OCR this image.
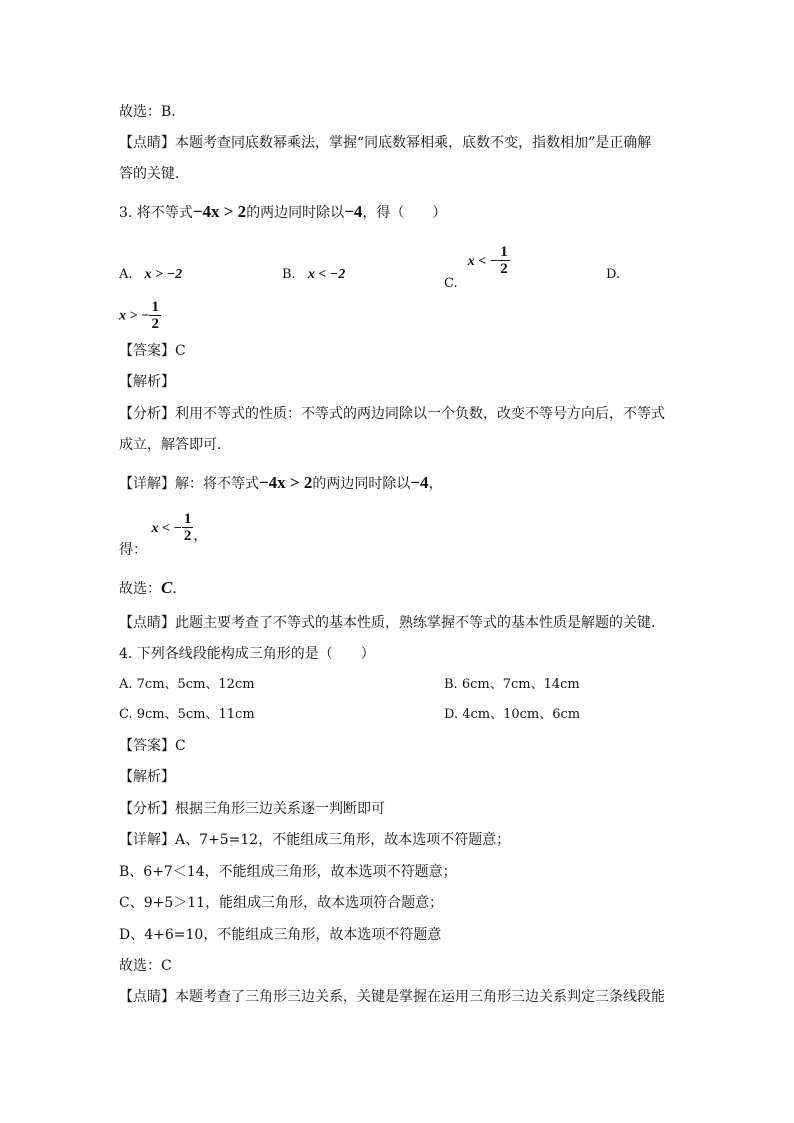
故选：B．
【点睛】本题考查同底数幂乘法，掌握“同底数幂相乘，底数不变，指数相加”是正确解
答的关键．
3. 将不等式−4x > 2的两边同时除以−4，得（　　）
A. x > −2	B. x < −2
C. x < − $\frac{1}{2}$	D.
x > − $\frac{1}{2}$
【答案】C
【解析】
【分析】利用不等式的性质：不等式的两边同除以一个负数，改变不等号方向后，不等式
成立，解答即可．
【详解】解：将不等式−4x > 2的两边同时除以−4，
得： x < − $\frac{1}{2}$ ，
故选：C．
【点睛】此题主要考查了不等式的基本性质，熟练掌握不等式的基本性质是解题的关键．
4. 下列各线段能构成三角形的是（　　）
A. 7cm、5cm、12cm	B. 6cm、7cm、14cm
C. 9cm、5cm、11cm	D. 4cm、10cm、6cm
【答案】C
【解析】
【分析】根据三角形三边关系逐一判断即可
【详解】A、7+5=12，不能组成三角形，故本选项不符题意；
B、6+7＜14，不能组成三角形，故本选项不符题意；
C、9+5＞11，能组成三角形，故本选项符合题意；
D、4+6=10，不能组成三角形，故本选项不符题意
故选：C
【点睛】本题考查了三角形三边关系，关键是掌握在运用三角形三边关系判定三条线段能
